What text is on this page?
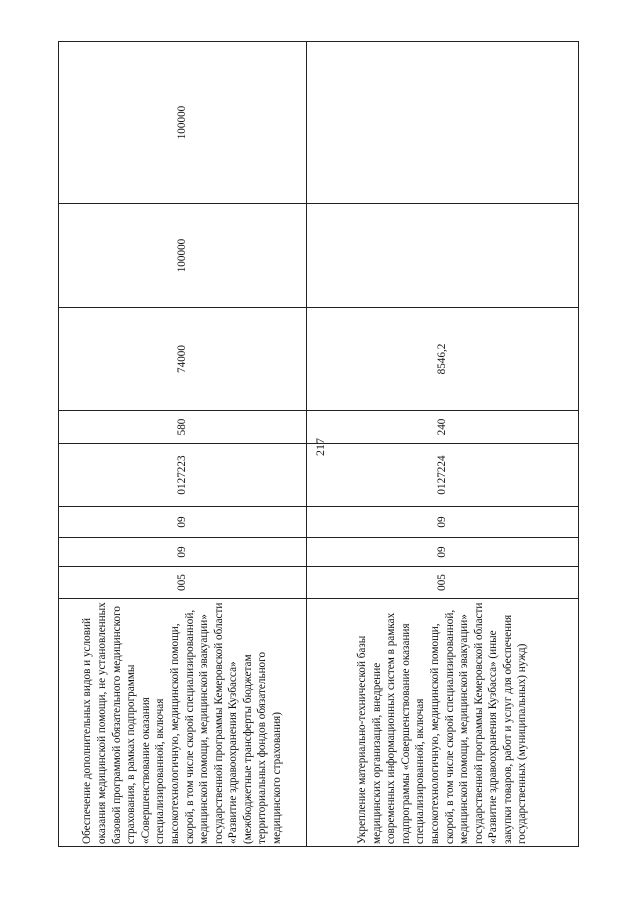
217
Обеспечение дополнительных видов и условий оказания медицинской помощи, не установленных базовой программой обязательного медицинского страхования, в рамках подпрограммы «Совершенствование оказания специализированной, включая высокотехнологичную, медицинской помощи, скорой, в том числе скорой специализированной, медицинской помощи, медицинской эвакуации» государственной программы Кемеровской области «Развитие здравоохранения Кузбасса» (межбюджетные трансферты бюджетам территориальных фондов обязательного медицинского страхования)	005	09	09	0127223	580	74000	100000	100000
Укрепление материально-технической базы медицинских организаций, внедрение современных информационных систем в рамках подпрограммы «Совершенствование оказания специализированной, включая высокотехнологичную, медицинской помощи, скорой, в том числе скорой специализированной, медицинской помощи, медицинской эвакуации» государственной программы Кемеровской области «Развитие здравоохранения Кузбасса» (иные закупки товаров, работ и услуг для обеспечения государственных (муниципальных) нужд)	005	09	09	0127224	240	8546,2		
